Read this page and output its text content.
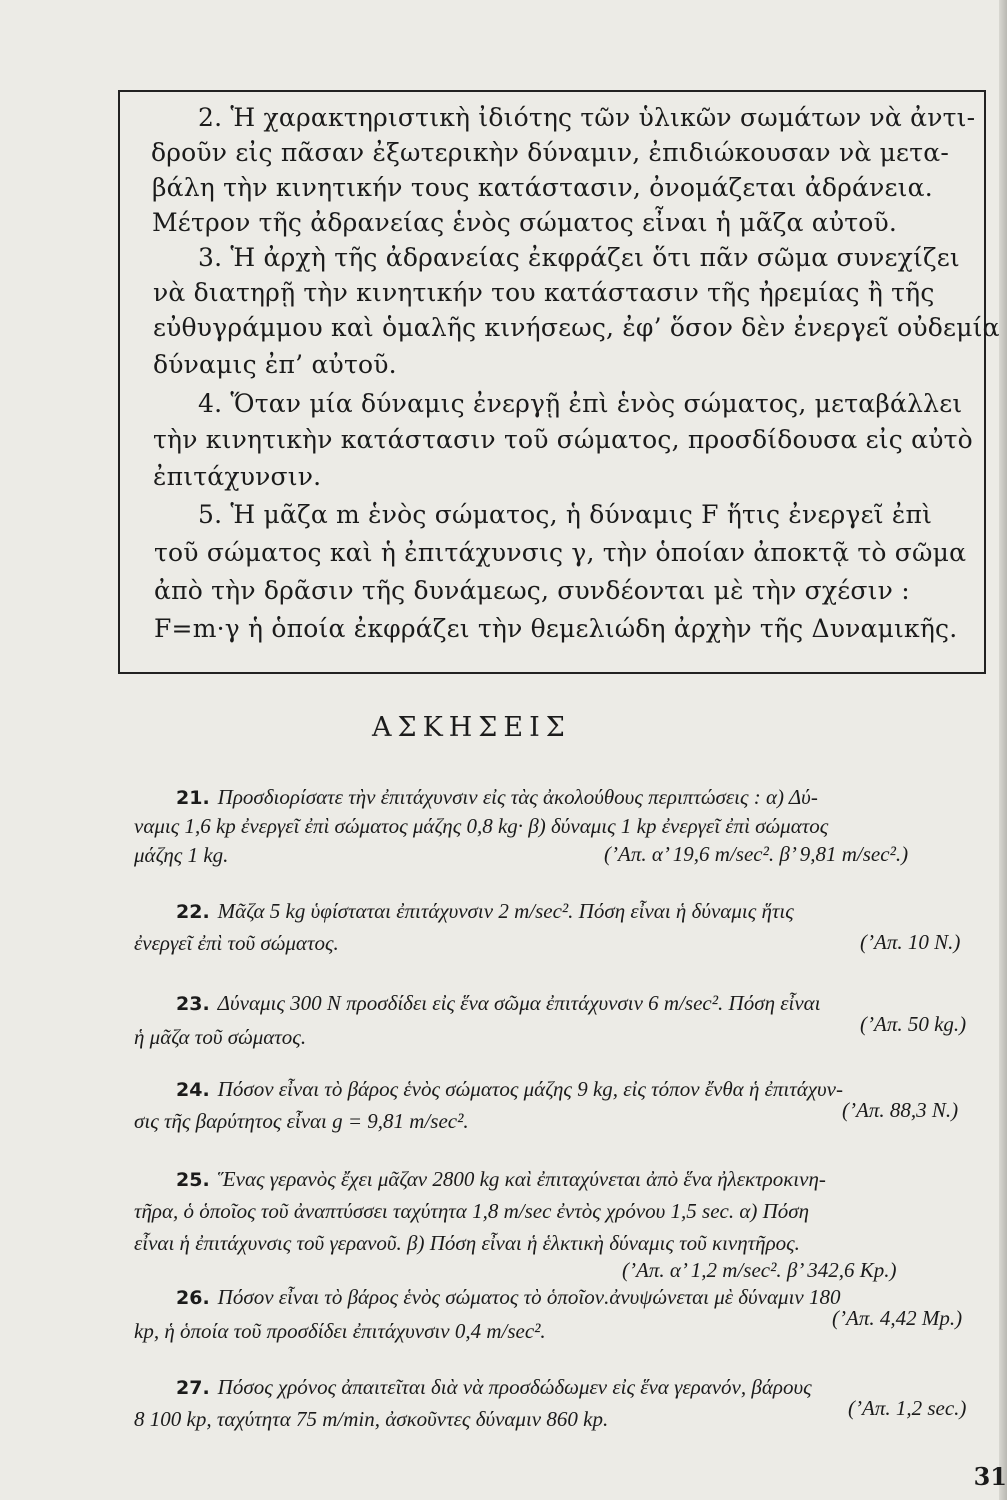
2. Ἡ χαρακτηριστικὴ ἰδιότης τῶν ὑλικῶν σωμάτων νὰ ἀντι-
δροῦν εἰς πᾶσαν ἐξωτερικὴν δύναμιν, ἐπιδιώκουσαν νὰ μετα-
βάλη τὴν κινητικήν τους κατάστασιν, ὀνομάζεται ἀδράνεια.
Μέτρον τῆς ἀδρανείας ἑνὸς σώματος εἶναι ἡ μᾶζα αὐτοῦ.
3. Ἡ ἀρχὴ τῆς ἀδρανείας ἐκφράζει ὅτι πᾶν σῶμα συνεχίζει
νὰ διατηρῇ τὴν κινητικήν του κατάστασιν τῆς ἠρεμίας ἢ τῆς
εὐθυγράμμου καὶ ὁμαλῆς κινήσεως, ἐφ’ ὅσον δὲν ἐνεργεῖ οὐδεμία
δύναμις ἐπ’ αὐτοῦ.
4. Ὅταν μία δύναμις ἐνεργῇ ἐπὶ ἑνὸς σώματος, μεταβάλλει
τὴν κινητικὴν κατάστασιν τοῦ σώματος, προσδίδουσα εἰς αὐτὸ
ἐπιτάχυνσιν.
5. Ἡ μᾶζα m ἑνὸς σώματος, ἡ δύναμις F ἥτις ἐνεργεῖ ἐπὶ
τοῦ σώματος καὶ ἡ ἐπιτάχυνσις γ, τὴν ὁποίαν ἀποκτᾷ τὸ σῶμα
ἀπὸ τὴν δρᾶσιν τῆς δυνάμεως, συνδέονται μὲ τὴν σχέσιν :
F=m·γ ἡ ὁποία ἐκφράζει τὴν θεμελιώδη ἀρχὴν τῆς Δυναμικῆς.
ΑΣΚΗΣΕΙΣ
21. Προσδιορίσατε τὴν ἐπιτάχυνσιν εἰς τὰς ἀκολούθους περιπτώσεις : α) Δύ-
ναμις 1,6 kp ἐνεργεῖ ἐπὶ σώματος μάζης 0,8 kg· β) δύναμις 1 kp ἐνεργεῖ ἐπὶ σώματος
μάζης 1 kg.	(’Απ. α’ 19,6 m/sec². β’ 9,81 m/sec².)
22. Μᾶζα 5 kg ὑφίσταται ἐπιτάχυνσιν 2 m/sec². Πόση εἶναι ἡ δύναμις ἥτις
ἐνεργεῖ ἐπὶ τοῦ σώματος.	(’Απ. 10 Ν.)
23. Δύναμις 300 Ν προσδίδει εἰς ἕνα σῶμα ἐπιτάχυνσιν 6 m/sec². Πόση εἶναι
ἡ μᾶζα τοῦ σώματος.
(’Απ. 50 kg.)
24. Πόσον εἶναι τὸ βάρος ἑνὸς σώματος μάζης 9 kg, εἰς τόπον ἔνθα ἡ ἐπιτάχυν-
σις τῆς βαρύτητος εἶναι g = 9,81 m/sec².	(’Απ. 88,3 Ν.)
25. Ἕνας γερανὸς ἔχει μᾶζαν 2800 kg καὶ ἐπιταχύνεται ἀπὸ ἕνα ἠλεκτροκινη-
τῆρα, ὁ ὁποῖος τοῦ ἀναπτύσσει ταχύτητα 1,8 m/sec ἐντὸς χρόνου 1,5 sec. α) Πόση
εἶναι ἡ ἐπιτάχυνσις τοῦ γερανοῦ. β) Πόση εἶναι ἡ ἑλκτικὴ δύναμις τοῦ κινητῆρος.
(’Απ. α’ 1,2 m/sec². β’ 342,6 Kp.)
26. Πόσον εἶναι τὸ βάρος ἑνὸς σώματος τὸ ὁποῖον.ἀνυψώνεται μὲ δύναμιν 180
kp, ἡ ὁποία τοῦ προσδίδει ἐπιτάχυνσιν 0,4 m/sec².
(’Απ. 4,42 Mp.)
27. Πόσος χρόνος ἀπαιτεῖται διὰ νὰ προσδώδωμεν εἰς ἕνα γερανόν, βάρους
8 100 kp, ταχύτητα 75 m/min, ἀσκοῦντες δύναμιν 860 kp.	(’Απ. 1,2 sec.)
31
